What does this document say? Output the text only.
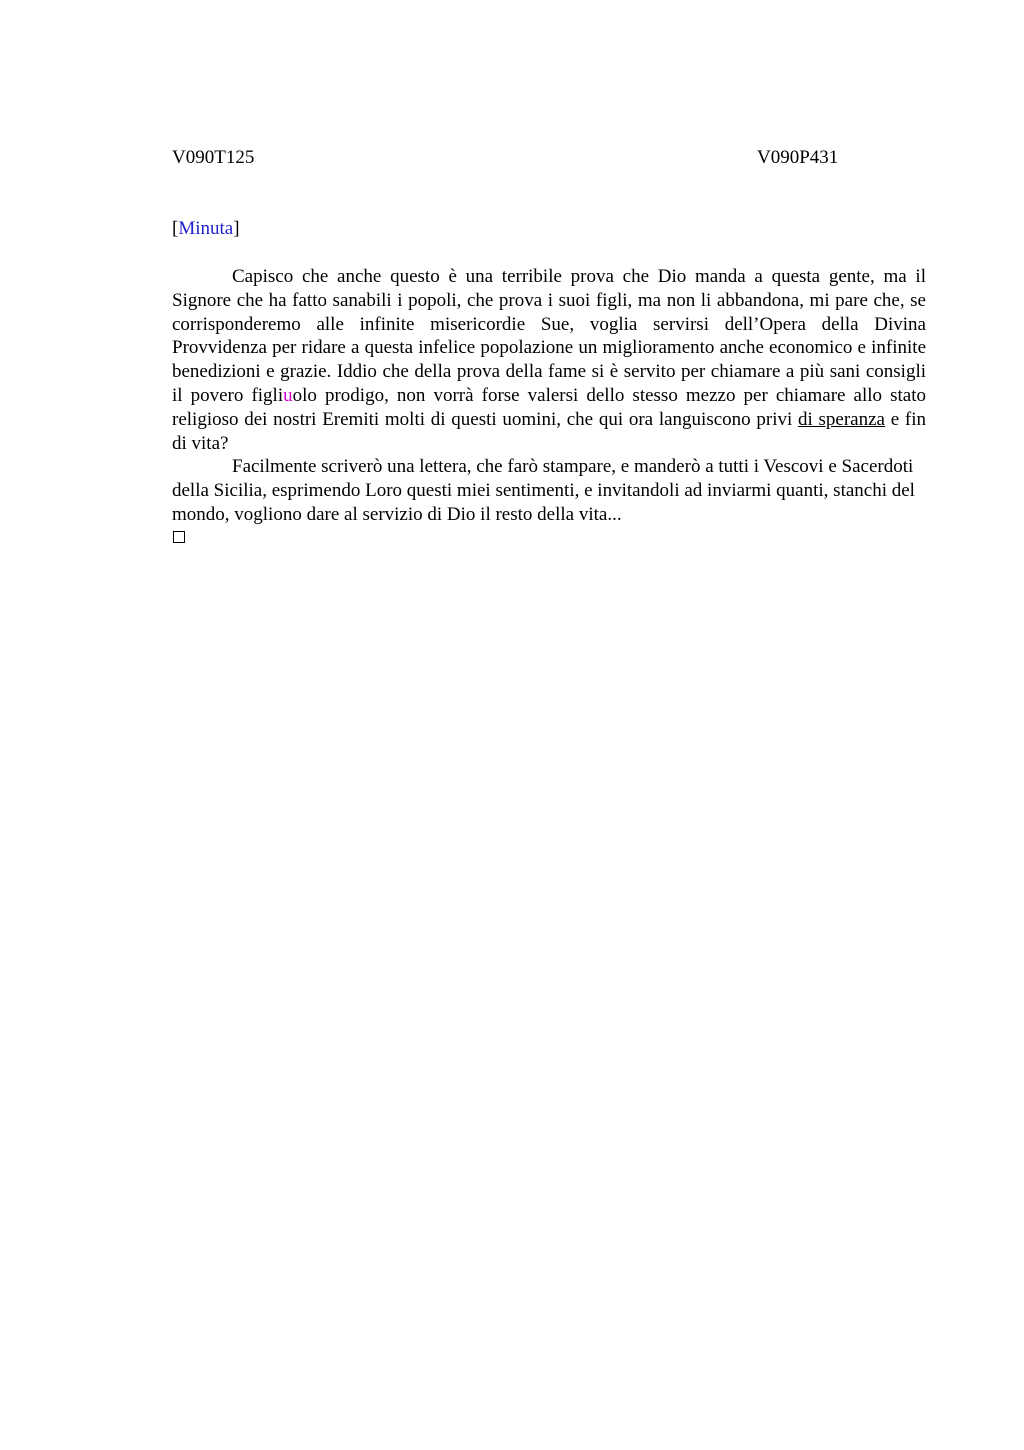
V090T125	V090P431
[Minuta]

Capisco che anche questo è una terribile prova che Dio manda a questa gente, ma il Signore che ha fatto sanabili i popoli, che prova i suoi figli, ma non li abbandona, mi pare che, se corrisponderemo alle infinite misericordie Sue, voglia servirsi dell’Opera della Divina Provvidenza per ridare a questa infelice popolazione un miglioramento anche economico e infinite benedizioni e grazie. Iddio che della prova della fame si è servito per chiamare a più sani consigli il povero figliuolo prodigo, non vorrà forse valersi dello stesso mezzo per chiamare allo stato religioso dei nostri Eremiti molti di questi uomini, che qui ora languiscono privi di speranza e fin di vita?

Facilmente scriverò una lettera, che farò stampare, e manderò a tutti i Vescovi e Sacerdoti della Sicilia, esprimendo Loro questi miei sentimenti, e invitandoli ad inviarmi quanti, stanchi del mondo, vogliono dare al servizio di Dio il resto della vita...
